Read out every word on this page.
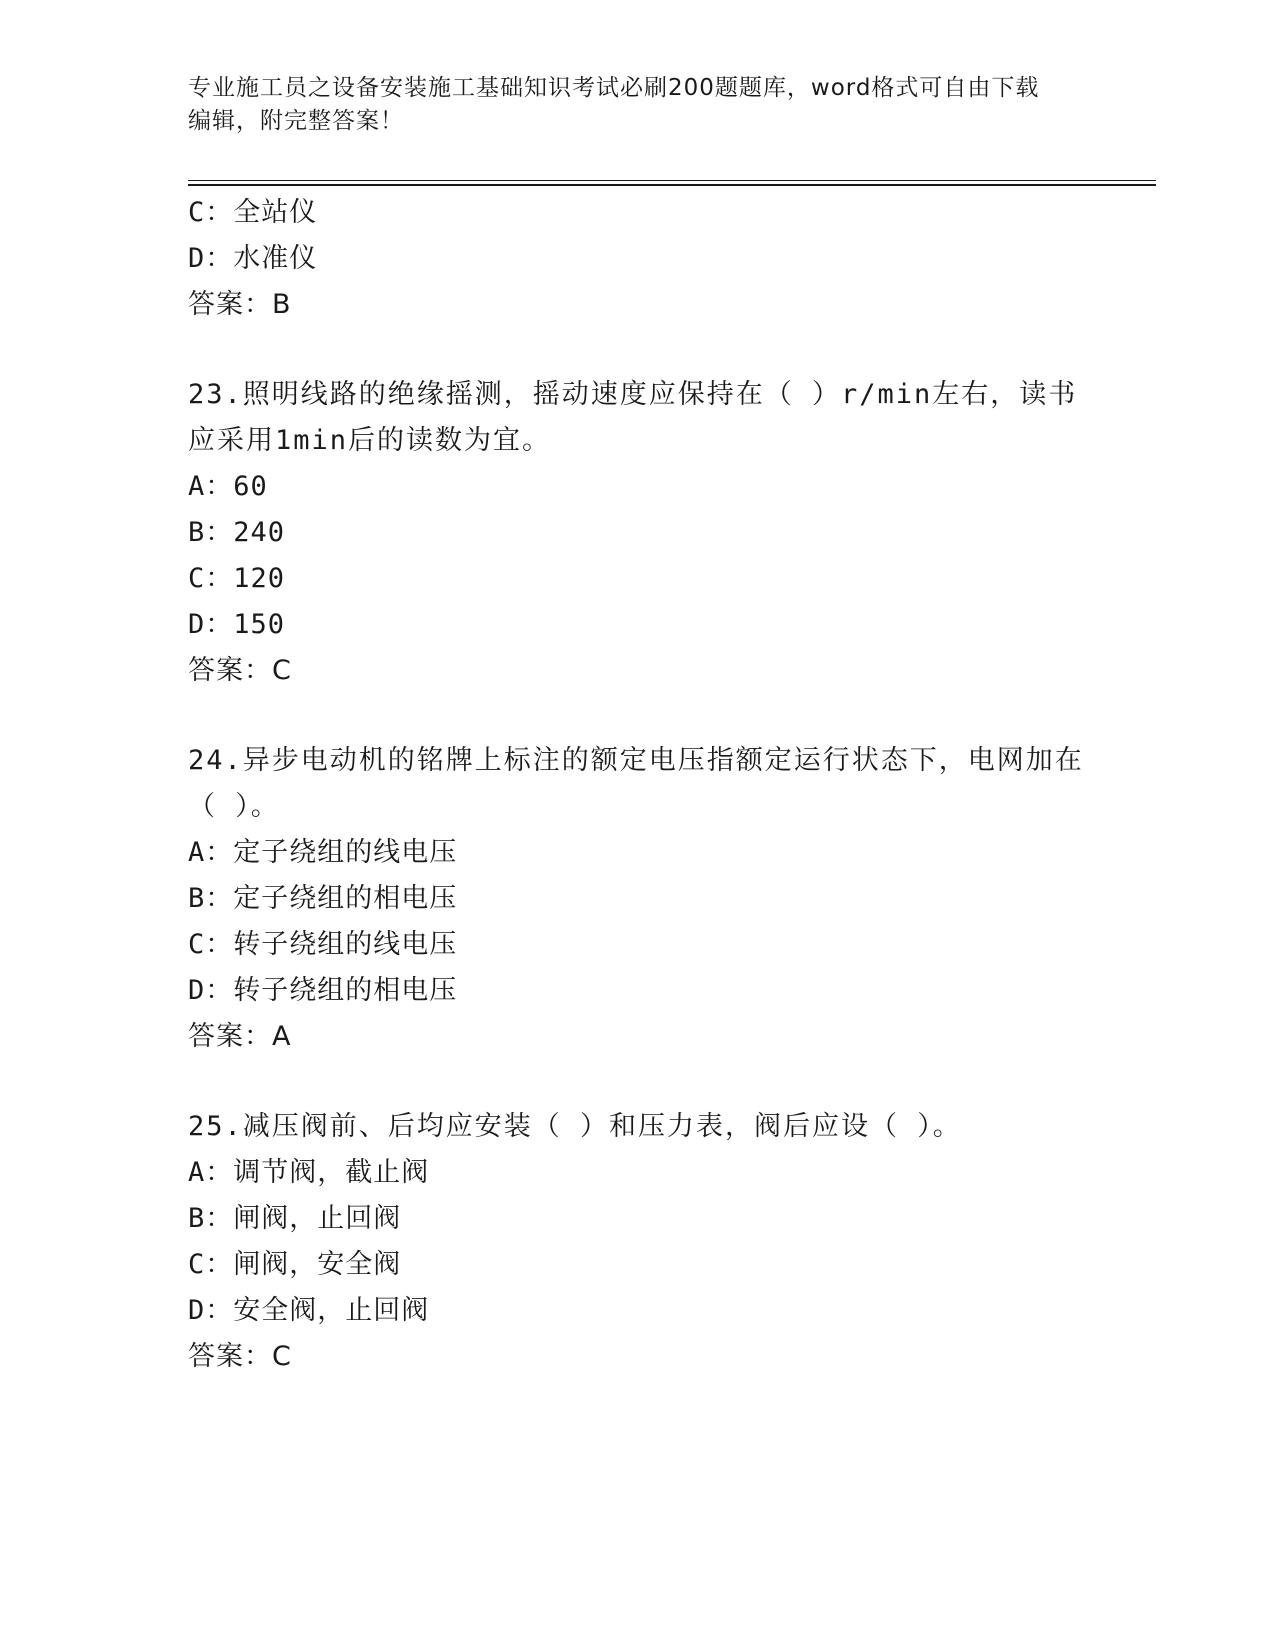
专业施工员之设备安装施工基础知识考试必刷200题题库，word格式可自由下载
编辑，附完整答案！
C：全站仪
D：水准仪
答案：B
23.照明线路的绝缘摇测，摇动速度应保持在（ ）r/min左右，读书应采用1min后的读数为宜。
A：60
B：240
C：120
D：150
答案：C
24.异步电动机的铭牌上标注的额定电压指额定运行状态下，电网加在（ ）。
A：定子绕组的线电压
B：定子绕组的相电压
C：转子绕组的线电压
D：转子绕组的相电压
答案：A
25.减压阀前、后均应安装（ ）和压力表，阀后应设（ ）。
A：调节阀，截止阀
B：闸阀，止回阀
C：闸阀，安全阀
D：安全阀，止回阀
答案：C
